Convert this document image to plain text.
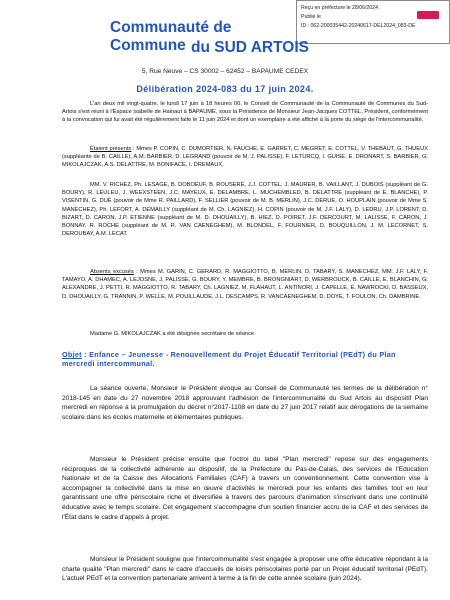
Reçu en préfecture le 28/06/2024
Publié le
ID : 062-200035442-20240617-DEL2024_083-DE
Communauté de Commune du SUD ARTOIS
5, Rue Neuve – CS 30002 – 62452 – BAPAUME CEDEX
Délibération 2024-083 du 17 juin 2024.
L'an deux mil vingt-quatre, le lundi 17 juin à 18 heures 00, le Conseil de Communauté de la Communauté de Communes du Sud-Artois s'est réuni à l'Espace Isabelle de Hainaut à BAPAUME, sous la Présidence de Monsieur Jean-Jacques COTTEL, Président, conformément à la convocation qui lui avait été régulièrement faite le 11 juin 2024 et dont un exemplaire a été affiché à la porte du siège de l'intercommunalité.
Étaient présents : Mmes P. COPIN, C. DUMORTIER, N. FAUCHE, E. GARRET, C. MEGRET, E. COTTEL, V. THEBAUT, G. THUEUX (suppléante de B. CAILLE), A.M. BARBIER, D. LEGRAND (pouvoir de M. J. PALISSE), F. LETURCQ, I. GUISE, E. DRONART, S. BARBIER, G. MIKOLAJCZAK, A.S. DELATTRE, M. BONIFACE, I. DREMAUX,
MM. V. RICHEZ, Ph. LESAGE, B. DOBOEUF, B. ROUSERÉ, J.J. COTTEL, J. MAURER, B. VAILLANT, J. DUBOIS (suppléant de G. BOURY), R. LEULEU, J. WEEXSTEEN, J.C. MAYEUX, E. DELAMBRE, L. MUCHEMBLED, B. DELATTRE (suppléant de E. BLANCHE), P. VISENTIN, G. DUÉ (pouvoir de Mme R. PAILLARD), F. SELLIER (pouvoir de M. B. MERLIN), J.C. DERUE, O. HOUPLAIN (pouvoir de Mme S. MANECHEZ), Ph. LEFORT, A. DEMAILLY (suppléant de M. Ch. LAGNIEZ), H. COPIN (pouvoir de M. J.F. LALY), D. LEDRU, J.P. LORENT, D. BIZART, D. CARON, J.P. ETIENNE (suppléant de M. D. DHOUAILLY), B. HIEZ, D. POIRET, J.F. DERCOURT, M. LALISSE, F. CARON, J. BONNAY, R. ROCHE (suppléant de M. R. VAN CAENEGHEM), M. BLONDEL, F. FOURNIER, D. BOUQUILLON, J. M. LECORNET, S. DEROUBAY, A.M. LECAT.
Absents excusés : Mmes M. GARIN, C. GERARD, R. MAGGIOTTO, B. MERLIN, D. TABARY, S. MANECHEZ, MM. J.F. LALY, F. TAMAYO, A. DHAMEC, A. LEJOSNE, J. PALISSE, G. BOURY, Y. MEMBRE, B. BRONGNIART, D. WERBROUCK, B. CAILLE, E. BLANCHIN, G. ALEXANDRE, J. PETTI, R. MAGGIOTTO, R. TABARY, Ch. LAGNIEZ, M. FLAHAUT, L. ANTINORI, J. CAPELLE, E. NAWROCKI, D. BASSEUX, D. DHOUAILLY, G. TRANNIN, P. WELLE, M. POUILLAUDE, J.L. DESCAMPS, R. VANCAENEGHEM, D. DOYE, T. FOULON, Ch. DAMBRINE.
Madame G. MIKOLAJCZAK a été désignée secrétaire de séance.
Objet : Enfance – Jeunesse - Renouvellement du Projet Éducatif Territorial (PEdT) du Plan mercredi intercommunal.
La séance ouverte, Monsieur le Président évoque au Conseil de Communauté les termes de la délibération n° 2018-145 en date du 27 novembre 2018 approuvant l'adhésion de l'intercommunalité du Sud Artois au dispositif Plan mercredi en réponse à la promulgation du décret n°2017-1108 en date du 27 juin 2017 relatif aux dérogations de la semaine scolaire dans les écoles maternelle et élémentaires publiques.
Monsieur le Président précise ensuite que l'octroi du label "Plan mercredi" repose sur des engagements réciproques de la collectivité adhérente au dispositif, de la Préfecture du Pas-de-Calais, des services de l'Education Nationale et de la Caisse des Allocations Familiales (CAF) à travers un conventionnement. Cette convention vise à accompagner la collectivité dans la mise en œuvre d'activités le mercredi pour les enfants des familles tout en leur garantissant une offre périscolaire riche et diversifiée à travers des parcours d'animation s'inscrivant dans une continuité éducative avec le temps scolaire. Cet engagement s'accompagne d'un soutien financier accru de la CAF et des services de l'État dans le cadre d'appels à projet.
Monsieur le Président souligne que l'intercommunalité s'est engagée à proposer une offre éducative répondant à la charte qualité "Plan mercredi" dans le cadre d'accueils de loisirs périscolaires porté par un Projet éducatif territorial (PEdT). L'actuel PEdT et la convention partenariale arrivent à terme à la fin de cette année scolaire (juin 2024).
